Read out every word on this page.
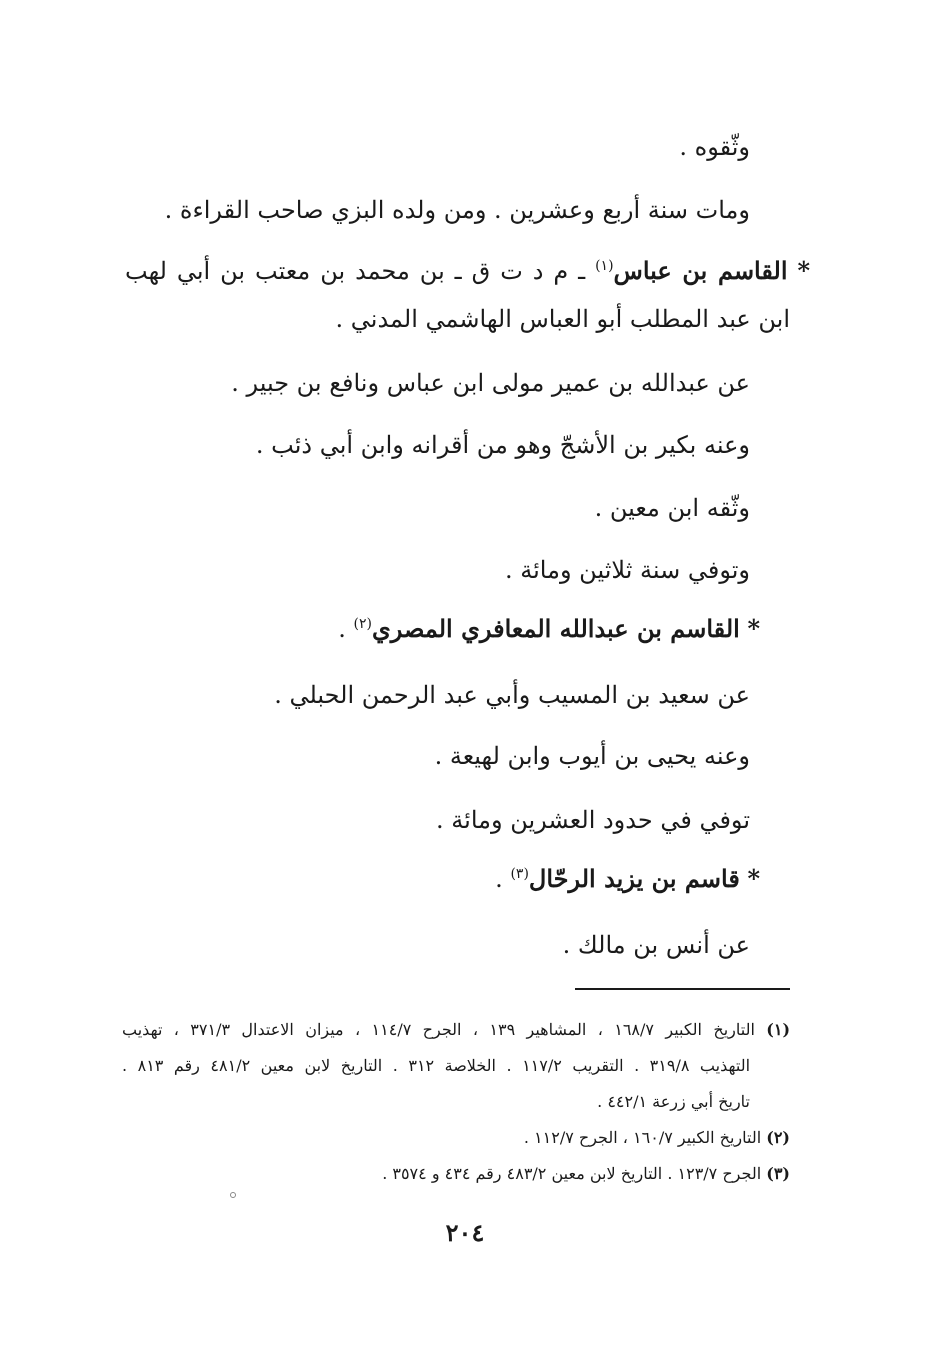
وثّقوه .
ومات سنة أربع وعشرين . ومن ولده البزي صاحب القراءة .
* القاسم بن عباس$^{(١)}$ ـ م د ت ق ـ بن محمد بن معتب بن أبي لهب
ابن عبد المطلب أبو العباس الهاشمي المدني .
عن عبدالله بن عمير مولى ابن عباس ونافع بن جبير .
وعنه بكير بن الأشجّ وهو من أقرانه وابن أبي ذئب .
وثّقه ابن معين .
وتوفي سنة ثلاثين ومائة .
* القاسم بن عبدالله المعافري المصري$^{(٢)}$ .
عن سعيد بن المسيب وأبي عبد الرحمن الحبلي .
وعنه يحيى بن أيوب وابن لهيعة .
توفي في حدود العشرين ومائة .
* قاسم بن يزيد الرحّال$^{(٣)}$ .
عن أنس بن مالك .
(١) التاريخ الكبير ١٦٨/٧ ، المشاهير ١٣٩ ، الجرح ١١٤/٧ ، ميزان الاعتدال ٣٧١/٣ ، تهذيب
التهذيب ٣١٩/٨ . التقريب ١١٧/٢ . الخلاصة ٣١٢ . التاريخ لابن معين ٤٨١/٢ رقم ٨١٣ .
تاريخ أبي زرعة ٤٤٢/١ .
(٢) التاريخ الكبير ١٦٠/٧ ، الجرح ١١٢/٧ .
(٣) الجرح ١٢٣/٧ . التاريخ لابن معين ٤٨٣/٢ رقم ٤٣٤ و ٣٥٧٤ .
٢٠٤
